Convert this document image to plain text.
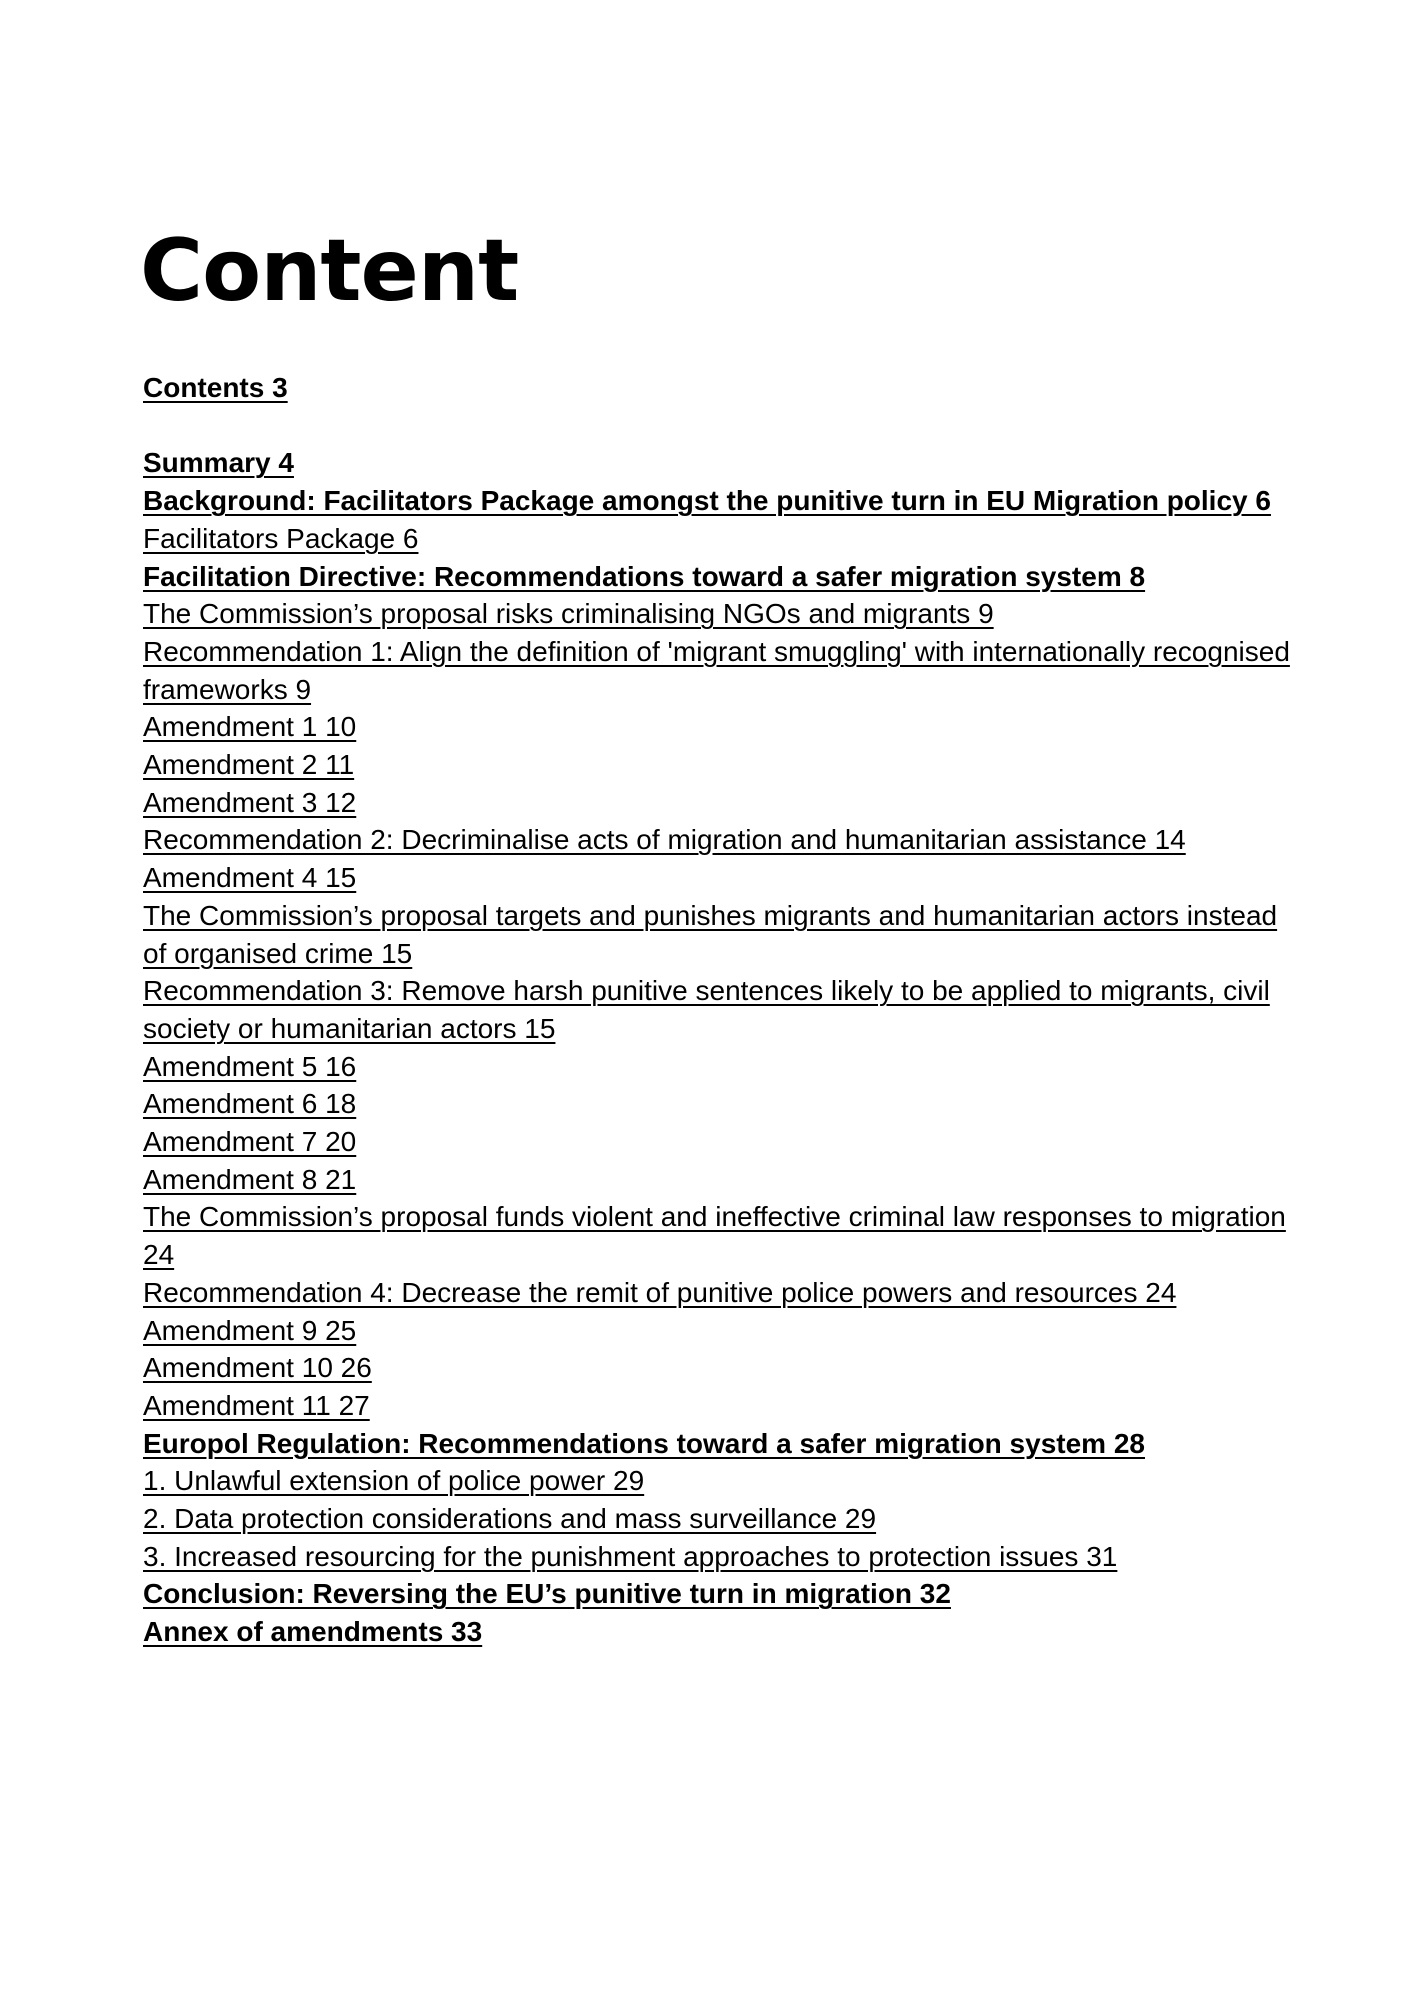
Content
Contents 3
Summary 4
Background: Facilitators Package amongst the punitive turn in EU Migration policy 6
Facilitators Package 6
Facilitation Directive: Recommendations toward a safer migration system 8
The Commission’s proposal risks criminalising NGOs and migrants 9
Recommendation 1: Align the definition of 'migrant smuggling' with internationally recognised frameworks 9
Amendment 1 10
Amendment 2 11
Amendment 3 12
Recommendation 2: Decriminalise acts of migration and humanitarian assistance 14
Amendment 4 15
The Commission’s proposal targets and punishes migrants and humanitarian actors instead of organised crime 15
Recommendation 3: Remove harsh punitive sentences likely to be applied to migrants, civil society or humanitarian actors 15
Amendment 5 16
Amendment 6 18
Amendment 7 20
Amendment 8 21
The Commission’s proposal funds violent and ineffective criminal law responses to migration 24
Recommendation 4: Decrease the remit of punitive police powers and resources 24
Amendment 9 25
Amendment 10 26
Amendment 11 27
Europol Regulation: Recommendations toward a safer migration system 28
1. Unlawful extension of police power 29
2. Data protection considerations and mass surveillance 29
3. Increased resourcing for the punishment approaches to protection issues 31
Conclusion: Reversing the EU’s punitive turn in migration 32
Annex of amendments 33
